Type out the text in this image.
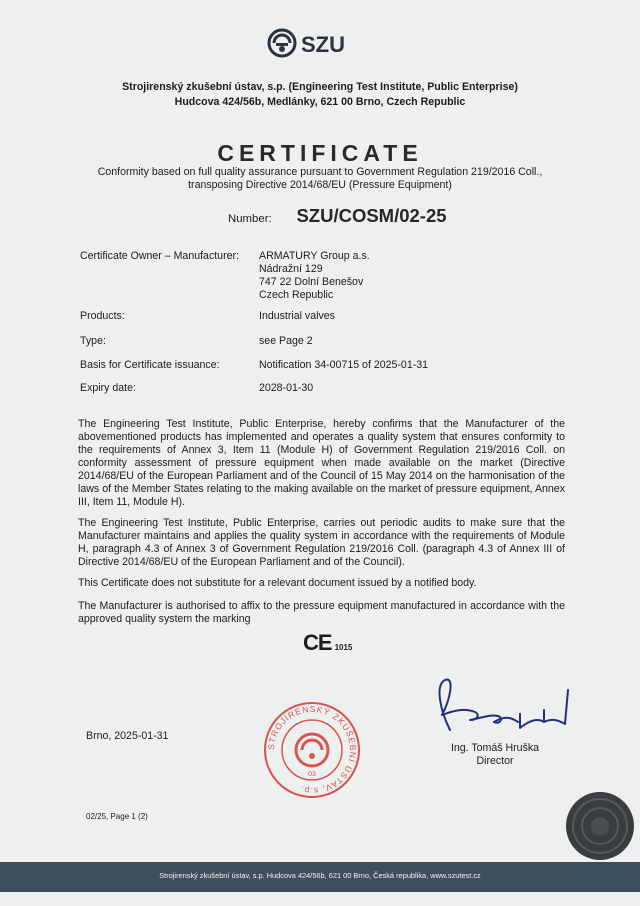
SZU
Strojirenský zkušební ústav, s.p. (Engineering Test Institute, Public Enterprise)
Hudcova 424/56b, Medlánky, 621 00 Brno, Czech Republic
CERTIFICATE
Conformity based on full quality assurance pursuant to Government Regulation 219/2016 Coll.,
transposing Directive 2014/68/EU (Pressure Equipment)
Number: SZU/COSM/02-25
Certificate Owner – Manufacturer: ARMATURY Group a.s.
Nádražní 129
747 22 Dolní Benešov
Czech Republic
Products:	Industrial valves
Type:	see Page 2
Basis for Certificate issuance:	Notification 34-00715 of 2025-01-31
Expiry date:	2028-01-30
The Engineering Test Institute, Public Enterprise, hereby confirms that the Manufacturer of the abovementioned products has implemented and operates a quality system that ensures conformity to the requirements of Annex 3, Item 11 (Module H) of Government Regulation 219/2016 Coll. on conformity assessment of pressure equipment when made available on the market (Directive 2014/68/EU of the European Parliament and of the Council of 15 May 2014 on the harmonisation of the laws of the Member States relating to the making available on the market of pressure equipment, Annex III, Item 11, Module H).
The Engineering Test Institute, Public Enterprise, carries out periodic audits to make sure that the Manufacturer maintains and applies the quality system in accordance with the requirements of Module H, paragraph 4.3 of Annex 3 of Government Regulation 219/2016 Coll. (paragraph 4.3 of Annex III of Directive 2014/68/EU of the European Parliament and of the Council).
This Certificate does not substitute for a relevant document issued by a notified body.
The Manufacturer is authorised to affix to the pressure equipment manufactured in accordance with the approved quality system the marking
CE 1015
Brno, 2025-01-31
STROJÍRENSKÝ ZKUŠEBNÍ ÚSTAV, s.p.
03
Ing. Tomáš Hruška
Director
02/25, Page 1 (2)
Strojirenský zkušební ústav, s.p. Hudcova 424/56b, 621 00 Brno, Česká republika, www.szutest.cz
